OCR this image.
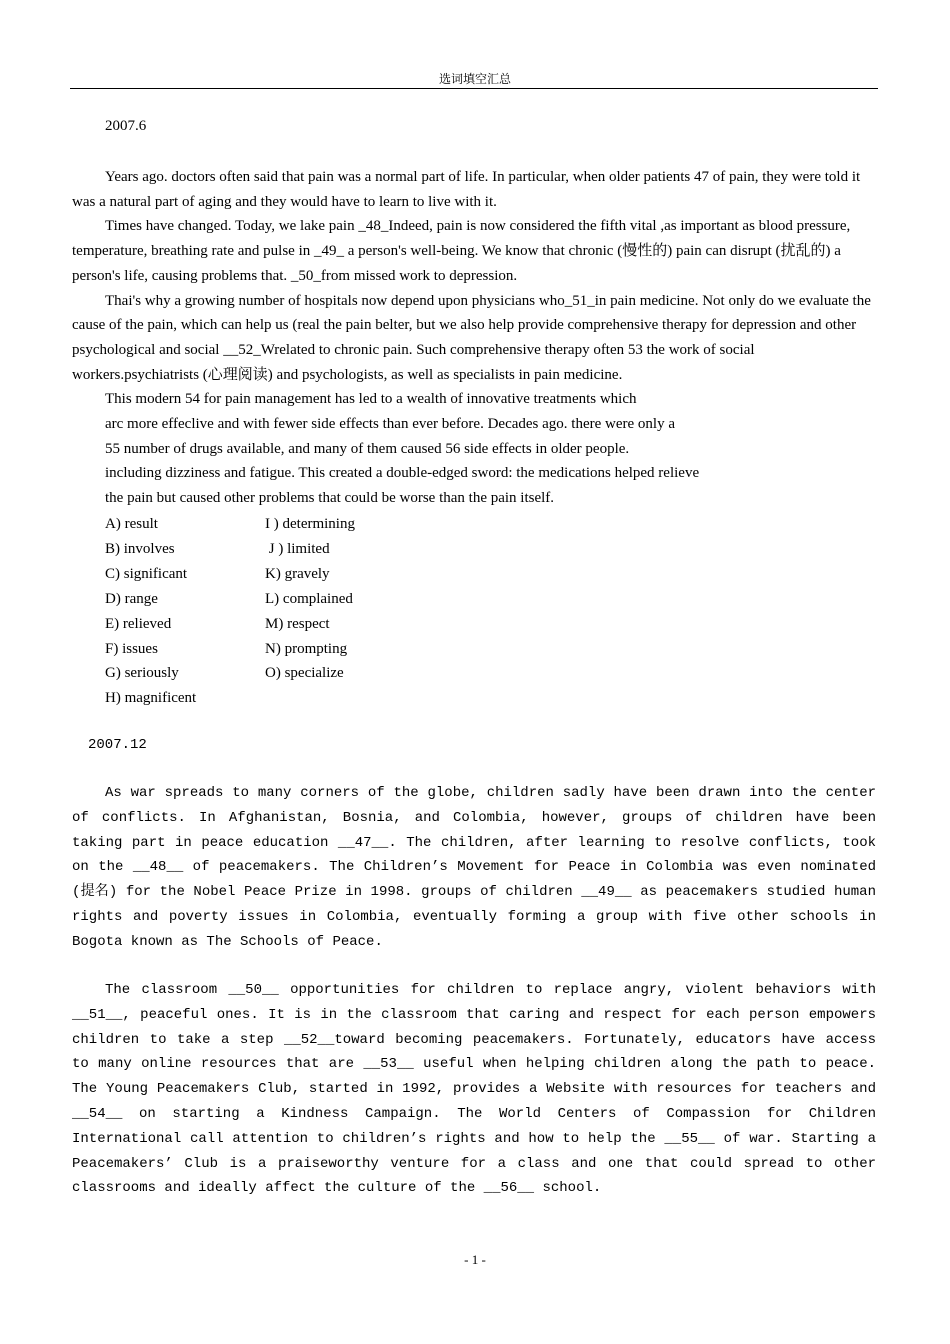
选词填空汇总
2007.6

Years ago. doctors often said that pain was a normal part of life. In particular, when older patients 47 of pain, they were told it was a natural part of aging and they would have to learn to live with it.

Times have changed. Today, we lake pain _48_Indeed, pain is now considered the fifth vital ,as important as blood pressure, temperature, breathing rate and pulse in _49_ a person's well-being. We know that chronic (慢性的) pain can disrupt (扰乱的) a person's life, causing problems that. _50_from missed work to depression.

Thai's why a growing number of hospitals now depend upon physicians who_51_in pain medicine. Not only do we evaluate the cause of the pain, which can help us (real the pain belter, but we also help provide comprehensive therapy for depression and other psychological and social __52_Wrelated to chronic pain. Such comprehensive therapy often 53 the work of social workers.psychiatrists (心理阅读) and psychologists, as well as specialists in pain medicine.

This modern 54 for pain management has led to a wealth of innovative treatments which
arc more effeclive and with fewer side effects than ever before. Decades ago. there were only a
55 number of drugs available, and many of them caused 56 side effects in older people.
including dizziness and fatigue. This created a double-edged sword: the medications helped relieve
the pain but caused other problems that could be worse than the pain itself.
A) result	I ) determining
B) involves	J ) limited
C) significant	K) gravely
D) range	L) complained
E) relieved	M) respect
F) issues	N) prompting
G) seriously	O) specialize
H) magnificent
2007.12

As war spreads to many corners of the globe, children sadly have been drawn into the center of conflicts. In Afghanistan, Bosnia, and Colombia, however, groups of children have been taking part in peace education __47__. The children, after learning to resolve conflicts, took on the __48__ of peacemakers. The Children’s Movement for Peace in Colombia was even nominated (提名) for the Nobel Peace Prize in 1998. groups of children __49__ as peacemakers studied human rights and poverty issues in Colombia, eventually forming a group with five other schools in Bogota known as The Schools of Peace.

The classroom __50__ opportunities for children to replace angry, violent behaviors with __51__, peaceful ones. It is in the classroom that caring and respect for each person empowers children to take a step __52__toward becoming peacemakers. Fortunately, educators have access to many online resources that are __53__ useful when helping children along the path to peace. The Young Peacemakers Club, started in 1992, provides a Website with resources for teachers and __54__ on starting a Kindness Campaign. The World Centers of Compassion for Children International call attention to children’s rights and how to help the __55__ of war. Starting a Peacemakers’ Club is a praiseworthy venture for a class and one that could spread to other classrooms and ideally affect the culture of the __56__ school.

- 1 -
